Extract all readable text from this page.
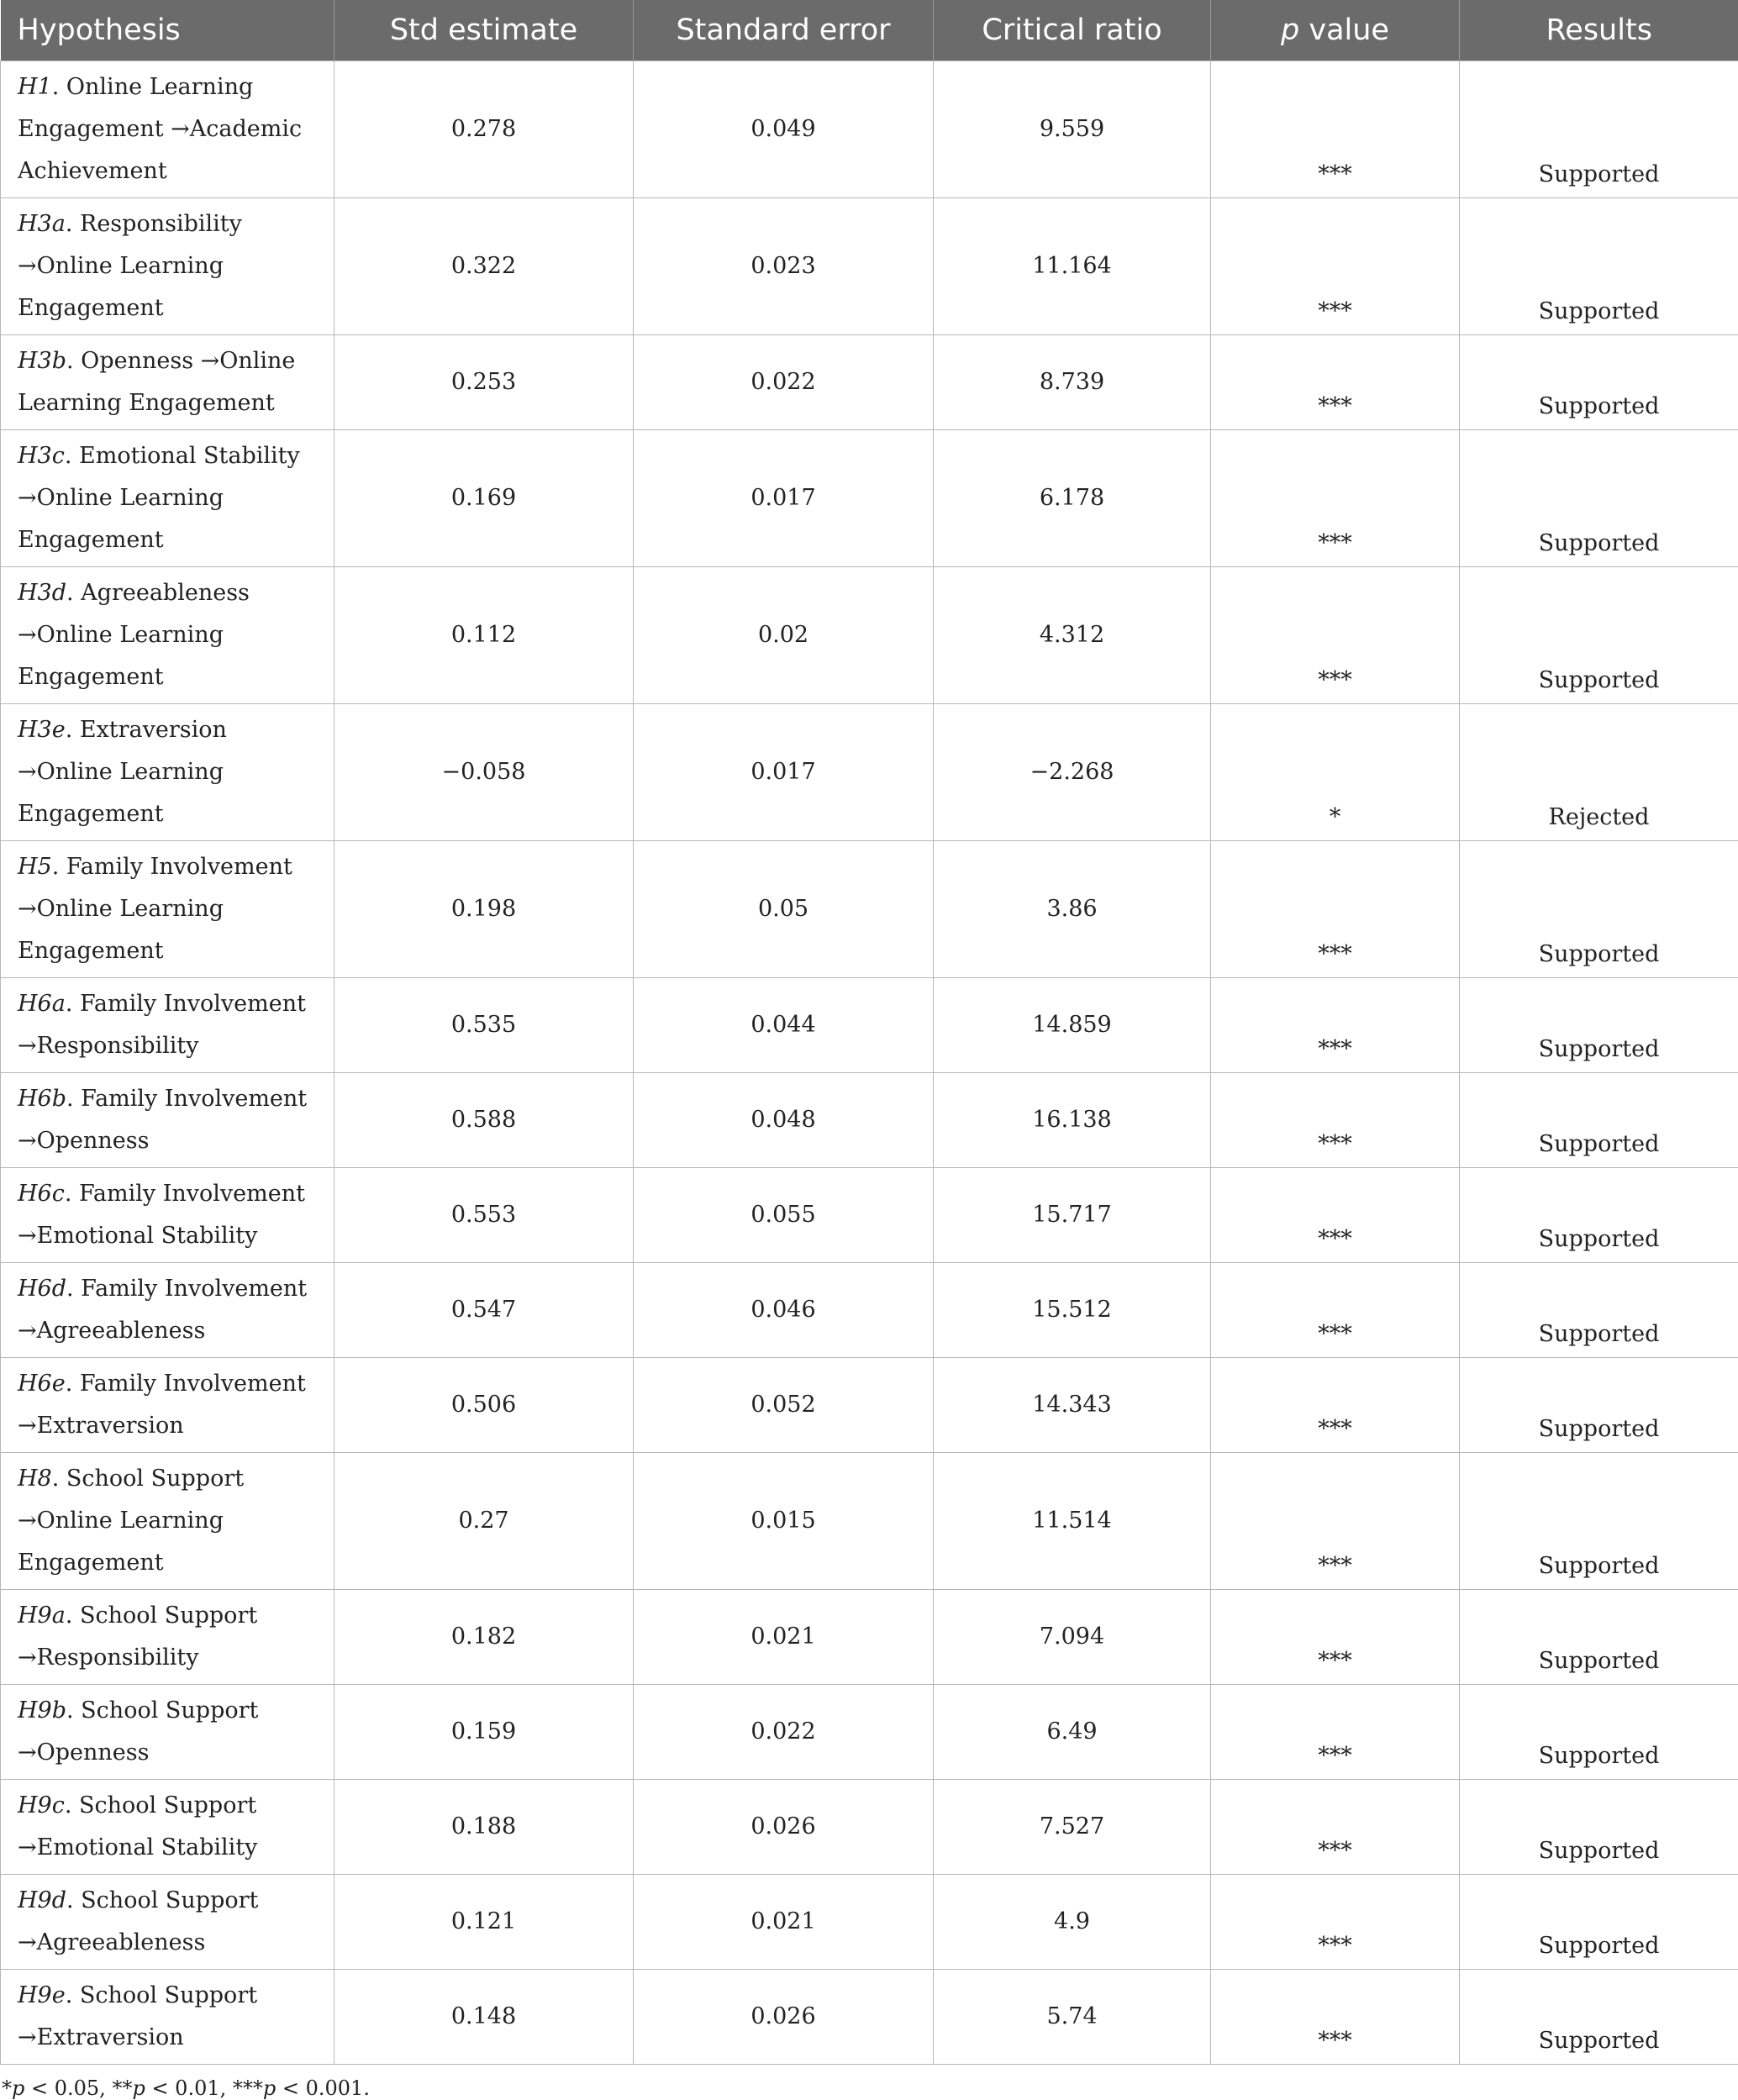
Hypothesis	Std estimate	Standard error	Critical ratio	p value	Results
H1. Online Learning Engagement →Academic Achievement	0.278	0.049	9.559	***	Supported
H3a. Responsibility →Online Learning Engagement	0.322	0.023	11.164	***	Supported
H3b. Openness →Online Learning Engagement	0.253	0.022	8.739	***	Supported
H3c. Emotional Stability →Online Learning Engagement	0.169	0.017	6.178	***	Supported
H3d. Agreeableness →Online Learning Engagement	0.112	0.02	4.312	***	Supported
H3e. Extraversion →Online Learning Engagement	−0.058	0.017	−2.268	*	Rejected
H5. Family Involvement →Online Learning Engagement	0.198	0.05	3.86	***	Supported
H6a. Family Involvement →Responsibility	0.535	0.044	14.859	***	Supported
H6b. Family Involvement →Openness	0.588	0.048	16.138	***	Supported
H6c. Family Involvement →Emotional Stability	0.553	0.055	15.717	***	Supported
H6d. Family Involvement →Agreeableness	0.547	0.046	15.512	***	Supported
H6e. Family Involvement →Extraversion	0.506	0.052	14.343	***	Supported
H8. School Support →Online Learning Engagement	0.27	0.015	11.514	***	Supported
H9a. School Support →Responsibility	0.182	0.021	7.094	***	Supported
H9b. School Support →Openness	0.159	0.022	6.49	***	Supported
H9c. School Support →Emotional Stability	0.188	0.026	7.527	***	Supported
H9d. School Support →Agreeableness	0.121	0.021	4.9	***	Supported
H9e. School Support →Extraversion	0.148	0.026	5.74	***	Supported
*p < 0.05, **p < 0.01, ***p < 0.001.
